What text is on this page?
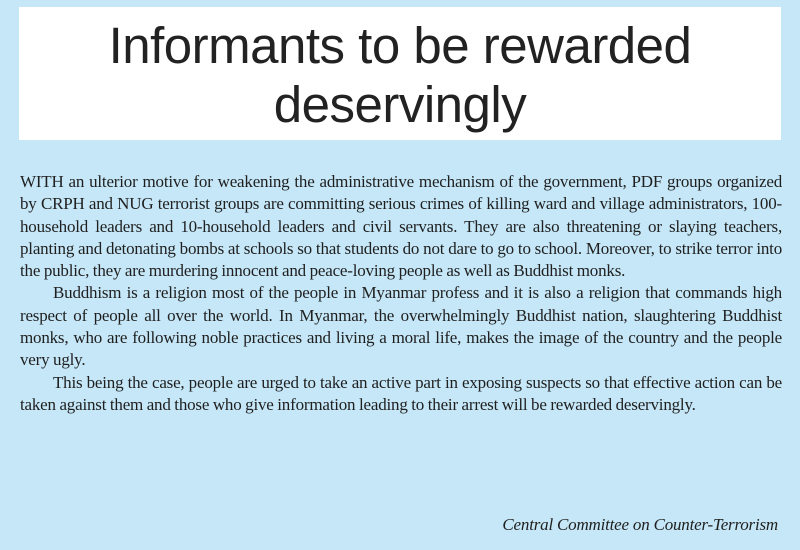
Informants to be rewarded deservingly

WITH an ulterior motive for weakening the administrative mechanism of the government, PDF groups organized by CRPH and NUG terrorist groups are committing serious crimes of killing ward and village administrators, 100-household leaders and 10-household leaders and civil servants. They are also threatening or slaying teachers, planting and detonating bombs at schools so that students do not dare to go to school. Moreover, to strike terror into the public, they are murdering innocent and peace-loving people as well as Buddhist monks.

Buddhism is a religion most of the people in Myanmar profess and it is also a religion that commands high respect of people all over the world. In Myanmar, the overwhelmingly Buddhist nation, slaughtering Buddhist monks, who are following noble practices and living a moral life, makes the image of the country and the people very ugly.

This being the case, people are urged to take an active part in exposing suspects so that effective action can be taken against them and those who give information leading to their arrest will be rewarded deservingly.

Central Committee on Counter-Terrorism
